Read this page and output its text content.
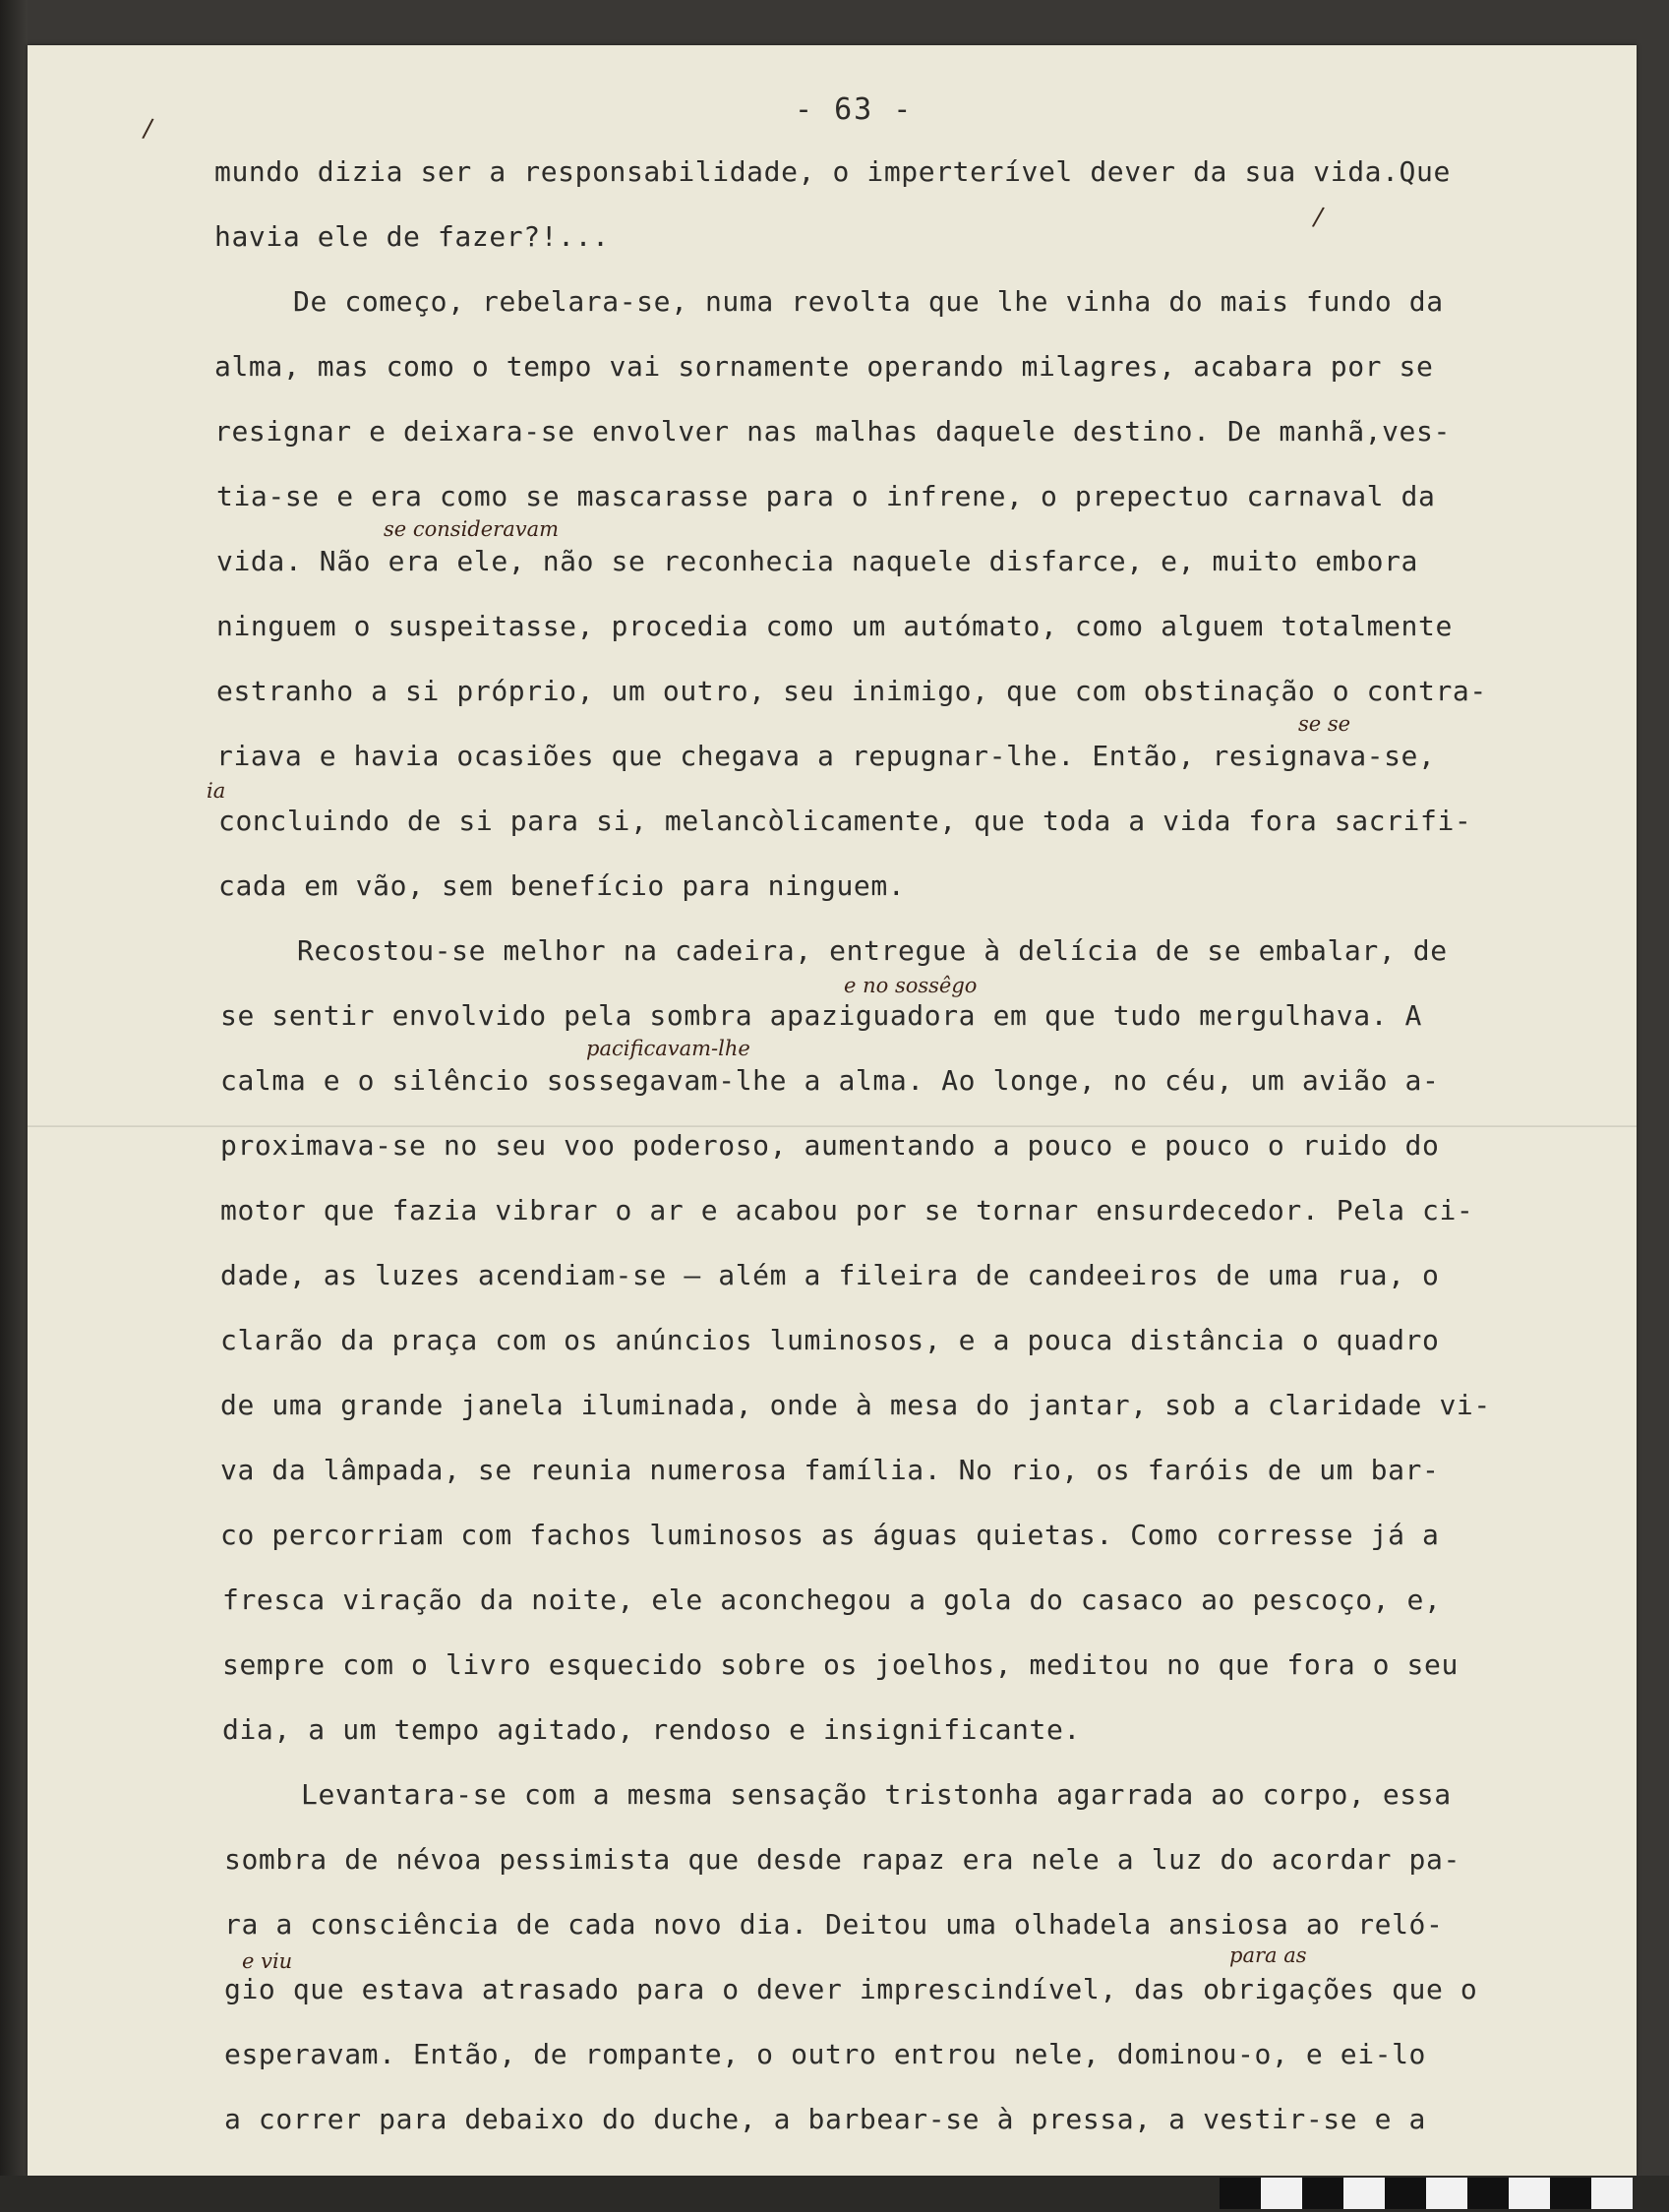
- 63 -
/
/
mundo dizia ser a responsabilidade, o imperterível dever da sua vida.Que
havia ele de fazer?!...
De começo, rebelara-se, numa revolta que lhe vinha do mais fundo da
alma, mas como o tempo vai sornamente operando milagres, acabara por se
resignar e deixara-se envolver nas malhas daquele destino. De manhã,ves-
tia-se e era como se mascarasse para o infrene, o prepectuo carnaval da
vida. Não era ele, não se reconhecia naquele disfarce, e, muito embora
ninguem o suspeitasse, procedia como um autómato, como alguem totalmente
estranho a si próprio, um outro, seu inimigo, que com obstinação o contra-
riava e havia ocasiões que chegava a repugnar-lhe. Então, resignava-se,
concluindo de si para si, melancòlicamente, que toda a vida fora sacrifi-
cada em vão, sem benefício para ninguem.
Recostou-se melhor na cadeira, entregue à delícia de se embalar, de
se sentir envolvido pela sombra apaziguadora em que tudo mergulhava. A
calma e o silêncio sossegavam-lhe a alma. Ao longe, no céu, um avião a-
proximava-se no seu voo poderoso, aumentando a pouco e pouco o ruido do
motor que fazia vibrar o ar e acabou por se tornar ensurdecedor. Pela ci-
dade, as luzes acendiam-se — além a fileira de candeeiros de uma rua, o
clarão da praça com os anúncios luminosos, e a pouca distância o quadro
de uma grande janela iluminada, onde à mesa do jantar, sob a claridade vi-
va da lâmpada, se reunia numerosa família. No rio, os faróis de um bar-
co percorriam com fachos luminosos as águas quietas. Como corresse já a
fresca viração da noite, ele aconchegou a gola do casaco ao pescoço, e,
sempre com o livro esquecido sobre os joelhos, meditou no que fora o seu
dia, a um tempo agitado, rendoso e insignificante.
Levantara-se com a mesma sensação tristonha agarrada ao corpo, essa
sombra de névoa pessimista que desde rapaz era nele a luz do acordar pa-
ra a consciência de cada novo dia. Deitou uma olhadela ansiosa ao reló-
gio que estava atrasado para o dever imprescindível, das obrigações que o
esperavam. Então, de rompante, o outro entrou nele, dominou-o, e ei-lo
a correr para debaixo do duche, a barbear-se à pressa, a vestir-se e a
se consideravam
se se
ia
e no sossêgo
pacificavam-lhe
e viu	para as
